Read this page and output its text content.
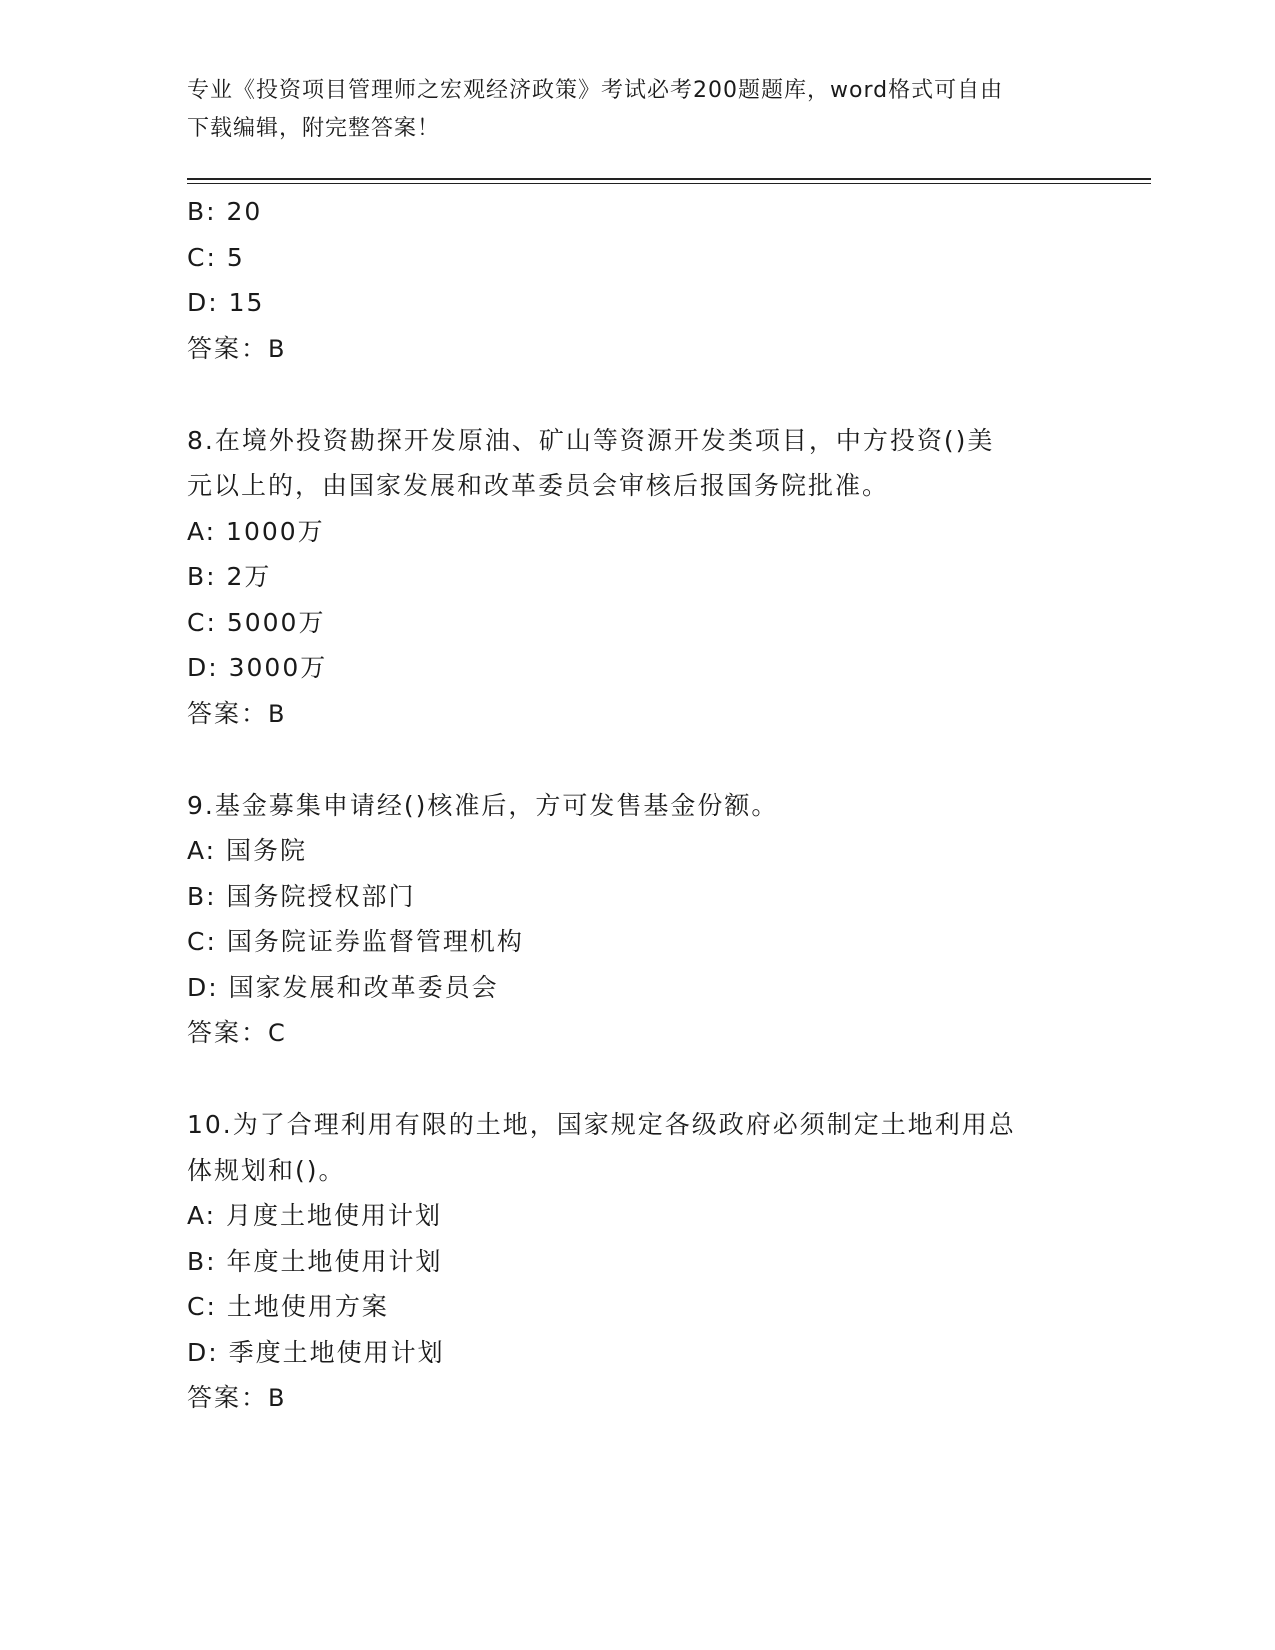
专业《投资项目管理师之宏观经济政策》考试必考200题题库，word格式可自由
下载编辑，附完整答案！
B: 20
C: 5
D: 15
答案：B
8.在境外投资勘探开发原油、矿山等资源开发类项目，中方投资()美
元以上的，由国家发展和改革委员会审核后报国务院批准。
A: 1000万
B: 2万
C: 5000万
D: 3000万
答案：B
9.基金募集申请经()核准后，方可发售基金份额。
A: 国务院
B: 国务院授权部门
C: 国务院证券监督管理机构
D: 国家发展和改革委员会
答案：C
10.为了合理利用有限的土地，国家规定各级政府必须制定土地利用总
体规划和()。
A: 月度土地使用计划
B: 年度土地使用计划
C: 土地使用方案
D: 季度土地使用计划
答案：B
